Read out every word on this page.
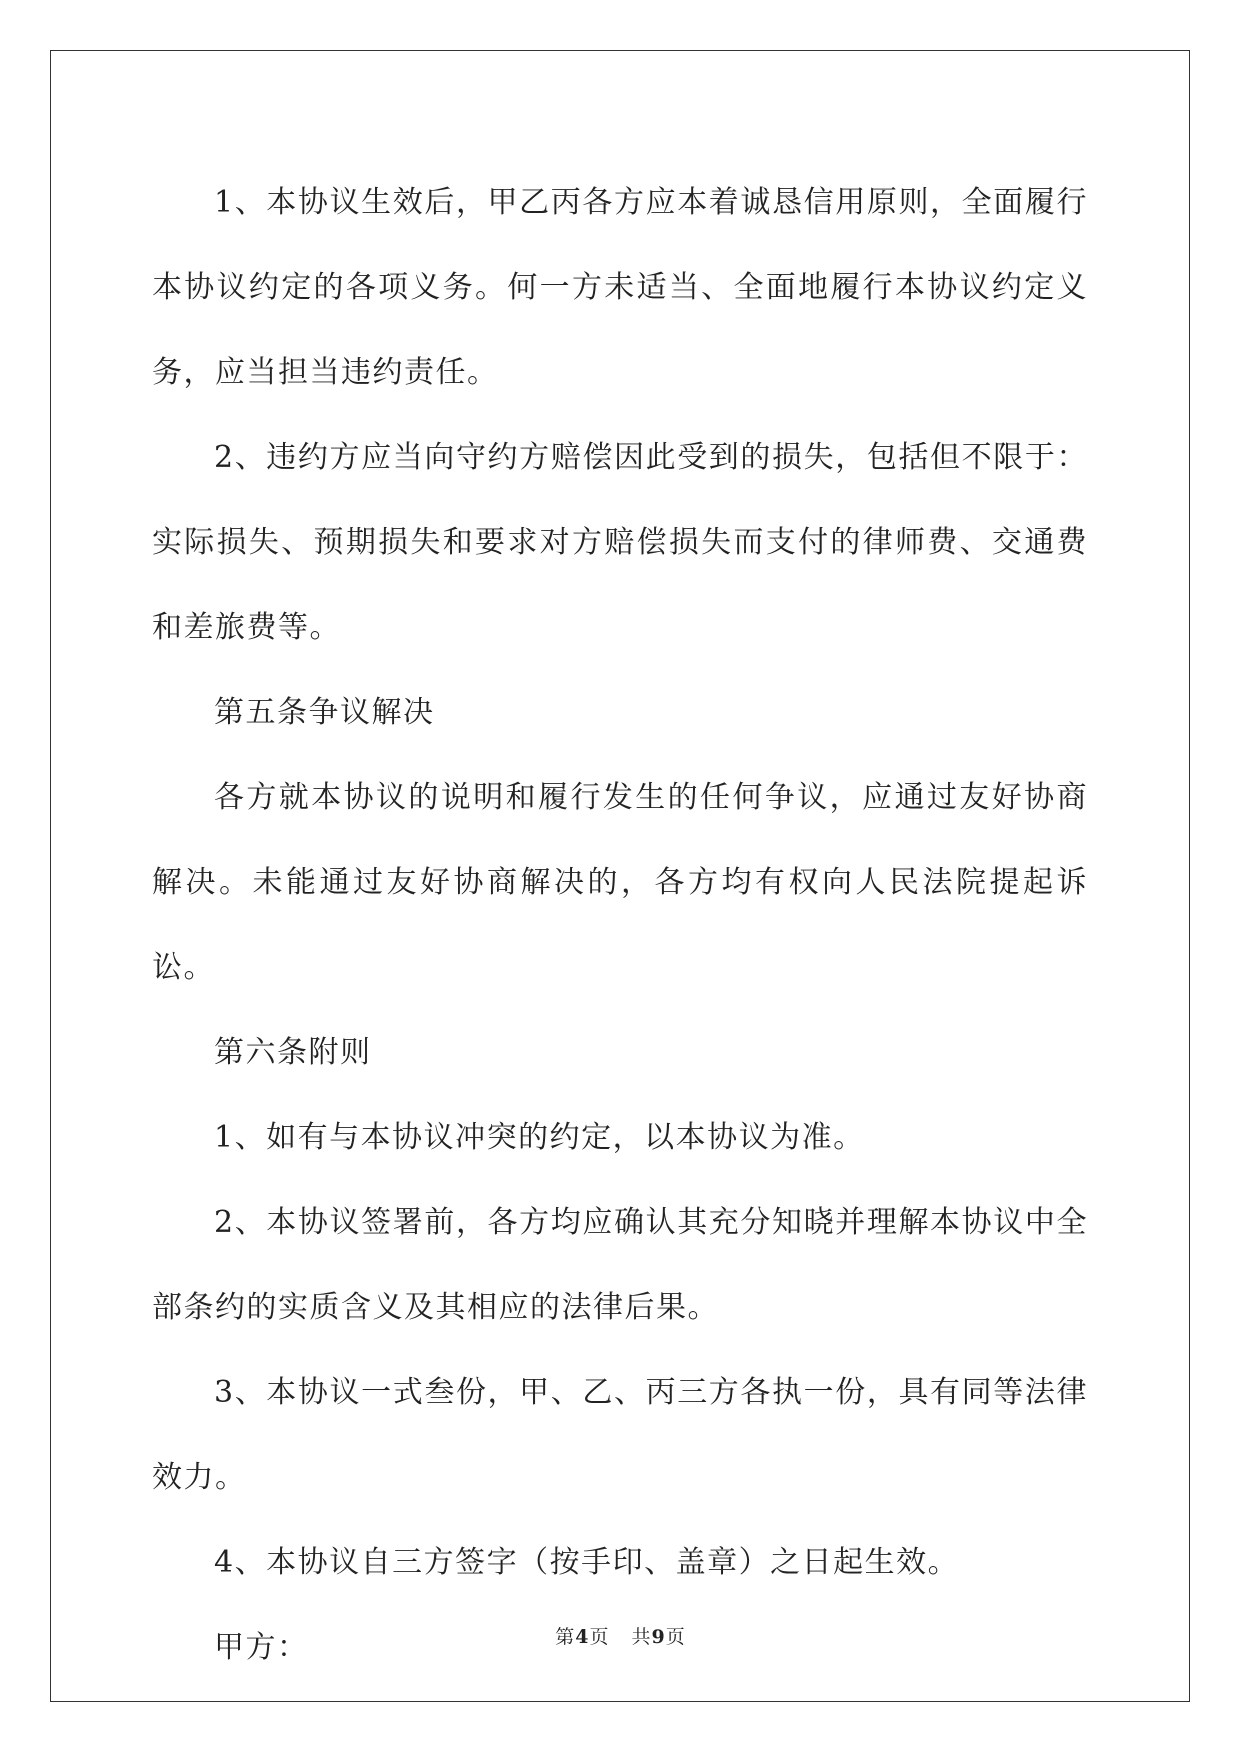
1、本协议生效后，甲乙丙各方应本着诚恳信用原则，全面履行本协议约定的各项义务。何一方未适当、全面地履行本协议约定义务，应当担当违约责任。

2、违约方应当向守约方赔偿因此受到的损失，包括但不限于：实际损失、预期损失和要求对方赔偿损失而支付的律师费、交通费和差旅费等。

第五条争议解决

各方就本协议的说明和履行发生的任何争议，应通过友好协商解决。未能通过友好协商解决的，各方均有权向人民法院提起诉讼。

第六条附则

1、如有与本协议冲突的约定，以本协议为准。

2、本协议签署前，各方均应确认其充分知晓并理解本协议中全部条约的实质含义及其相应的法律后果。

3、本协议一式叁份，甲、乙、丙三方各执一份，具有同等法律效力。

4、本协议自三方签字（按手印、盖章）之日起生效。

甲方：	第4页 共9页
